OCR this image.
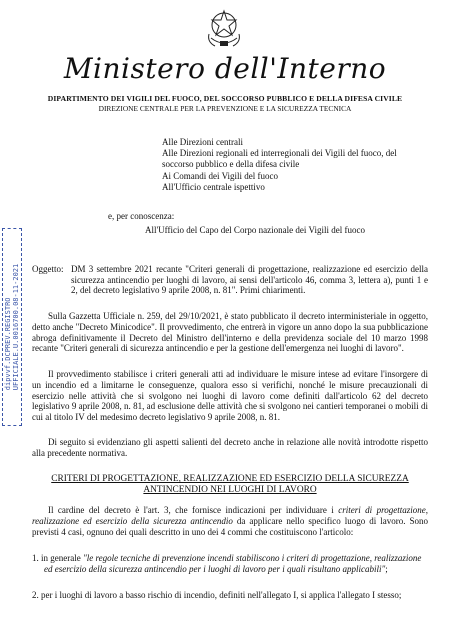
Ministero dell'Interno
DIPARTIMENTO DEI VIGILI DEL FUOCO, DEL SOCCORSO PUBBLICO E DELLA DIFESA CIVILE
DIREZIONE CENTRALE PER LA PREVENZIONE E LA SICUREZZA TECNICA
Alle Direzioni centrali
Alle Direzioni regionali ed interregionali dei Vigili del fuoco, del soccorso pubblico e della difesa civile
Ai Comandi dei Vigili del fuoco
All'Ufficio centrale ispettivo
e, per conoscenza:
All'Ufficio del Capo del Corpo nazionale dei Vigili del fuoco
dipvvf.DCPREV.REGISTRO UFFICIALE.U.0016700.08-11-2021 Oggetto: DM 3 settembre 2021 recante "Criteri generali di progettazione, realizzazione ed esercizio della sicurezza antincendio per luoghi di lavoro, ai sensi dell'articolo 46, comma 3, lettera a), punti 1 e 2, del decreto legislativo 9 aprile 2008, n. 81". Primi chiarimenti.
Sulla Gazzetta Ufficiale n. 259, del 29/10/2021, è stato pubblicato il decreto interministeriale in oggetto, detto anche "Decreto Minicodice". Il provvedimento, che entrerà in vigore un anno dopo la sua pubblicazione abroga definitivamente il Decreto del Ministro dell'interno e della previdenza sociale del 10 marzo 1998 recante "Criteri generali di sicurezza antincendio e per la gestione dell'emergenza nei luoghi di lavoro".
Il provvedimento stabilisce i criteri generali atti ad individuare le misure intese ad evitare l'insorgere di un incendio ed a limitarne le conseguenze, qualora esso si verifichi, nonché le misure precauzionali di esercizio nelle attività che si svolgono nei luoghi di lavoro come definiti dall'articolo 62 del decreto legislativo 9 aprile 2008, n. 81, ad esclusione delle attività che si svolgono nei cantieri temporanei o mobili di cui al titolo IV del medesimo decreto legislativo 9 aprile 2008, n. 81.
Di seguito si evidenziano gli aspetti salienti del decreto anche in relazione alle novità introdotte rispetto alla precedente normativa.
CRITERI DI PROGETTAZIONE, REALIZZAZIONE ED ESERCIZIO DELLA SICUREZZA ANTINCENDIO NEI LUOGHI DI LAVORO
Il cardine del decreto è l'art. 3, che fornisce indicazioni per individuare i criteri di progettazione, realizzazione ed esercizio della sicurezza antincendio da applicare nello specifico luogo di lavoro. Sono previsti 4 casi, ognuno dei quali descritto in uno dei 4 commi che costituiscono l'articolo:
1. in generale "le regole tecniche di prevenzione incendi stabiliscono i criteri di progettazione, realizzazione ed esercizio della sicurezza antincendio per i luoghi di lavoro per i quali risultano applicabili";
2. per i luoghi di lavoro a basso rischio di incendio, definiti nell'allegato I, si applica l'allegato I stesso;
